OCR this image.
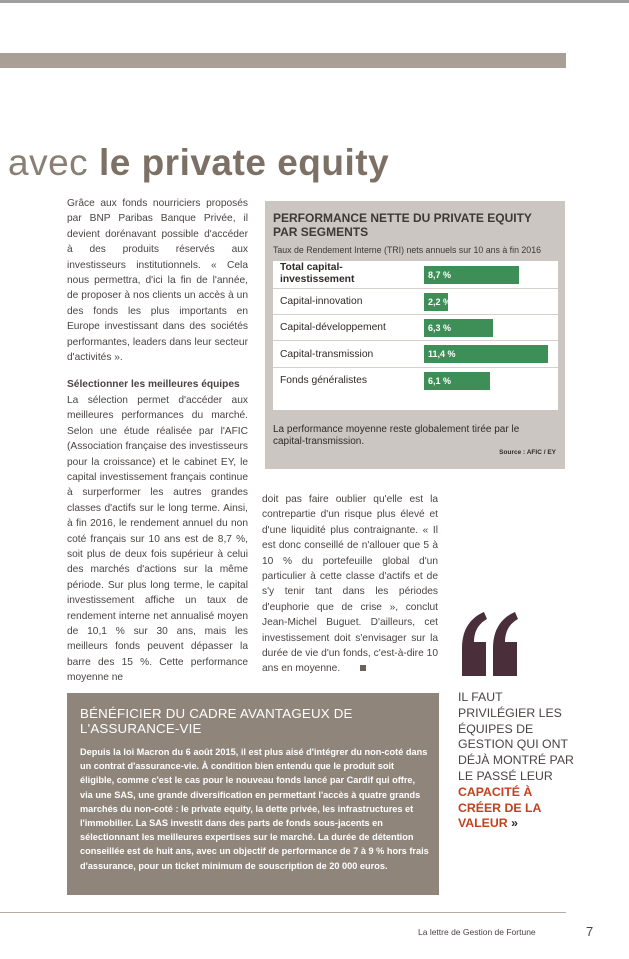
avec le private equity

Grâce aux fonds nourriciers proposés par BNP Paribas Banque Privée, il devient dorénavant possible d'accéder à des produits réservés aux investisseurs institutionnels. « Cela nous permettra, d'ici la fin de l'année, de proposer à nos clients un accès à un des fonds les plus importants en Europe investissant dans des sociétés performantes, leaders dans leur secteur d'activités ».

Sélectionner les meilleures équipes

La sélection permet d'accéder aux meilleures performances du marché. Selon une étude réalisée par l'AFIC (Association française des investisseurs pour la croissance) et le cabinet EY, le capital investissement français continue à surperformer les autres grandes classes d'actifs sur le long terme. Ainsi, à fin 2016, le rendement annuel du non coté français sur 10 ans est de 8,7 %, soit plus de deux fois supérieur à celui des marchés d'actions sur la même période. Sur plus long terme, le capital investissement affiche un taux de rendement interne net annualisé moyen de 10,1 % sur 30 ans, mais les meilleurs fonds peuvent dépasser la barre des 15 %. Cette performance moyenne ne

doit pas faire oublier qu'elle est la contrepartie d'un risque plus élevé et d'une liquidité plus contraignante. « Il est donc conseillé de n'allouer que 5 à 10 % du portefeuille global d'un particulier à cette classe d'actifs et de s'y tenir tant dans les périodes d'euphorie que de crise », conclut Jean-Michel Buguet. D'ailleurs, cet investissement doit s'envisager sur la durée de vie d'un fonds, c'est-à-dire 10 ans en moyenne.

PERFORMANCE NETTE DU PRIVATE EQUITY PAR SEGMENTS
Taux de Rendement Interne (TRI) nets annuels sur 10 ans à fin 2016
Total capital-investissement	8,7 %
Capital-innovation	2,2 %
Capital-développement	6,3 %
Capital-transmission	11,4 %
Fonds généralistes	6,1 %
La performance moyenne reste globalement tirée par le capital-transmission.
Source : AFIC / EY
IL FAUT PRIVILÉGIER LES ÉQUIPES DE GESTION QUI ONT DÉJÀ MONTRÉ PAR LE PASSÉ LEUR CAPACITÉ À CRÉER DE LA VALEUR »
BÉNÉFICIER DU CADRE AVANTAGEUX DE L'ASSURANCE-VIE
Depuis la loi Macron du 6 août 2015, il est plus aisé d'intégrer du non-coté dans un contrat d'assurance-vie. À condition bien entendu que le produit soit éligible, comme c'est le cas pour le nouveau fonds lancé par Cardif qui offre, via une SAS, une grande diversification en permettant l'accès à quatre grands marchés du non-coté : le private equity, la dette privée, les infrastructures et l'immobilier. La SAS investit dans des parts de fonds sous-jacents en sélectionnant les meilleures expertises sur le marché. La durée de détention conseillée est de huit ans, avec un objectif de performance de 7 à 9 % hors frais d'assurance, pour un ticket minimum de souscription de 20 000 euros.
La lettre de Gestion de Fortune	7
